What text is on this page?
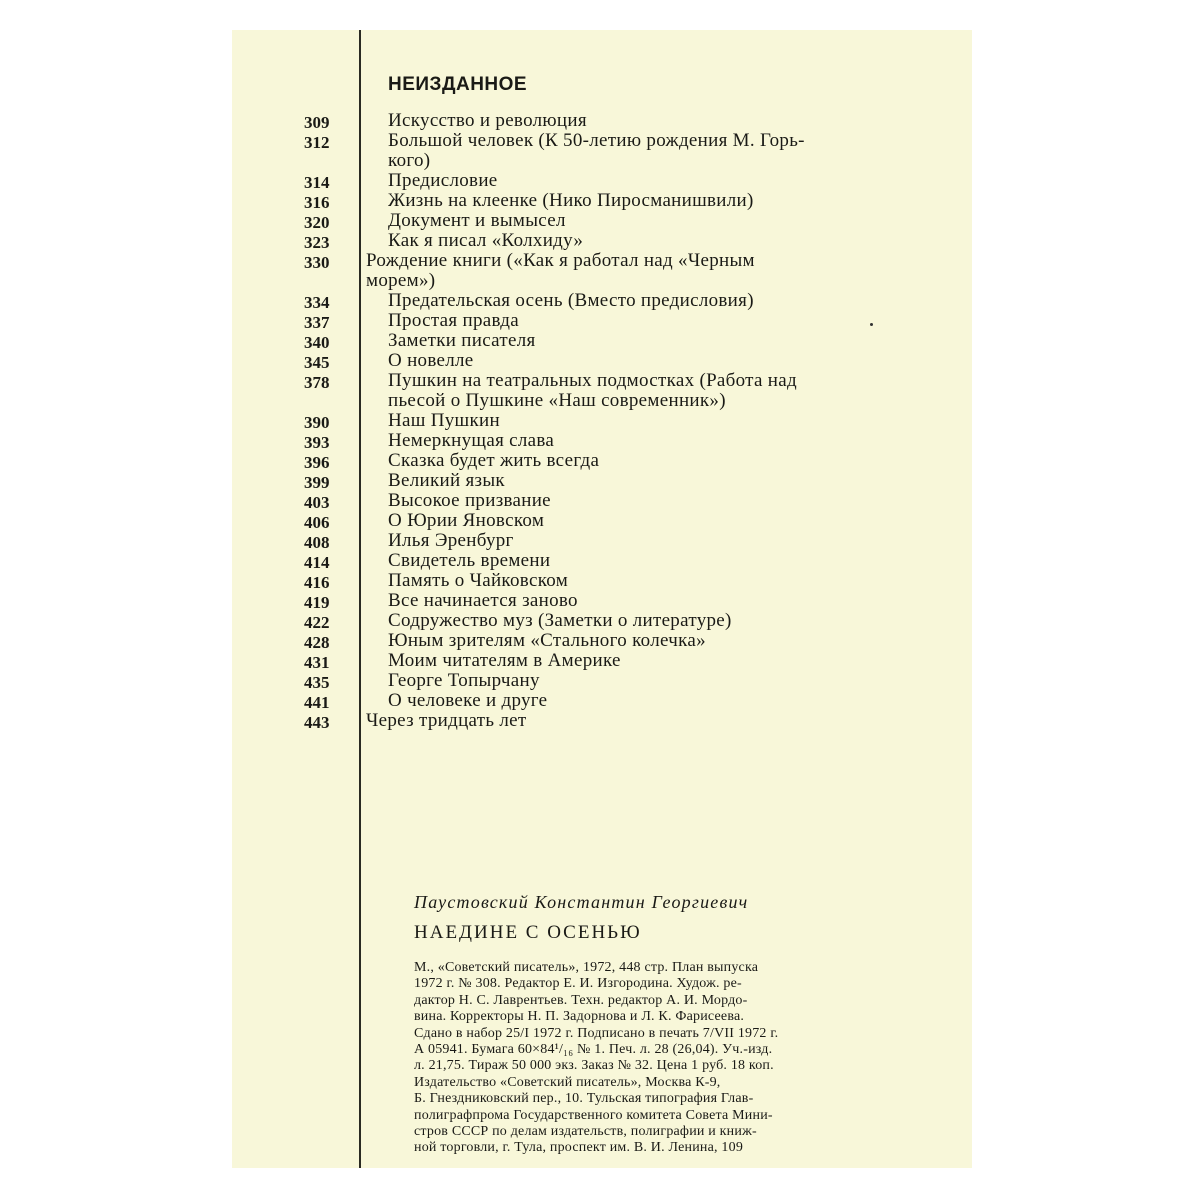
НЕИЗДАННОЕ
309	Искусство и революция
312	Большой человек (К 50-летию рождения М. Горь-
кого)
314	Предисловие
316	Жизнь на клеенке (Нико Пиросманишвили)
320	Документ и вымысел
323	Как я писал «Колхиду»
330	Рождение книги («Как я работал над «Черным
морем»)
334	Предательская осень (Вместо предисловия)
337	Простая правда
340	Заметки писателя
345	О новелле
378	Пушкин на театральных подмостках (Работа над
пьесой о Пушкине «Наш современник»)
390	Наш Пушкин
393	Немеркнущая слава
396	Сказка будет жить всегда
399	Великий язык
403	Высокое призвание
406	О Юрии Яновском
408	Илья Эренбург
414	Свидетель времени
416	Память о Чайковском
419	Все начинается заново
422	Содружество муз (Заметки о литературе)
428	Юным зрителям «Стального колечка»
431	Моим читателям в Америке
435	Георге Топырчану
441	О человеке и друге
443	Через тридцать лет

Паустовский Константин Георгиевич

НАЕДИНЕ С ОСЕНЬЮ

М., «Советский писатель», 1972, 448 стр. План выпуска
1972 г. № 308. Редактор Е. И. Изгородина. Худож. ре-
дактор Н. С. Лаврентьев. Техн. редактор А. И. Мордо-
вина. Корректоры Н. П. Задорнова и Л. К. Фарисеева.
Сдано в набор 25/I 1972 г. Подписано в печать 7/VII 1972 г.
А 05941. Бумага 60×84¹/₁₆ № 1. Печ. л. 28 (26,04). Уч.-изд.
л. 21,75. Тираж 50 000 экз. Заказ № 32. Цена 1 руб. 18 коп.
Издательство «Советский писатель», Москва К-9,
Б. Гнездниковский пер., 10. Тульская типография Глав-
полиграфпрома Государственного комитета Совета Мини-
стров СССР по делам издательств, полиграфии и книж-
ной торговли, г. Тула, проспект им. В. И. Ленина, 109
